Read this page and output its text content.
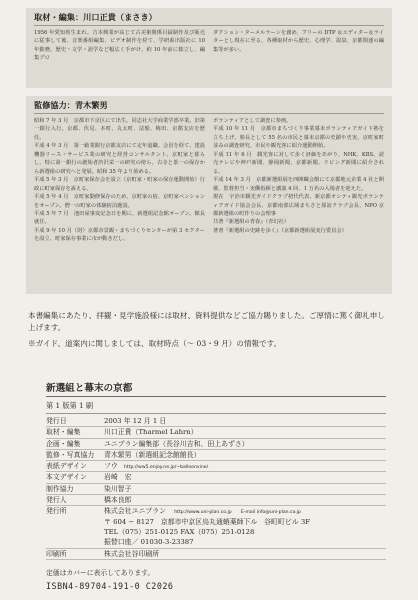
取材・編集：川口正貴（まさき）

1956 年愛知県生まれ。吉本興業が高じて古美術関係目録制作及び販売に従事して後、音楽番組編集、ビデオ制作を経て、学研系出版社に 10 年勤務。歴史・文学・語学など幅広く手がけ、約 10 年前に独立し、編集プロ

ダクション・ターメルラーンを創め、フリーの DTP ＆エディター＆ライターとし現在に至る。各種取材から歴史、心理学、温泉、京都関連の編集等が多い。

監修協力：青木繁男

昭和 7 年 3 月　京都市下京区にて出生。同志社大学商業学部卒業。旧第一銀行入行。京都、伏見、本町、丸太町、法船、梅田、京都支店を歴任。

平成 4 年 3 月　第一勧業銀行京都支店にて定年退職。会員を経て、建設機器リース・サービス業の研究と経営コンサルタント。京町家と暮らし、特に第一銀行の創始者渋沢栄一の研究の傍ら、古寺と茶一の保存から新選組の研究へと発展。昭和 35 年より始める。

平成 5 年 3 月　京町家保存会を設立（京町家・町家の保存運動開始）行政に町家保存を訴える。

平成 5 年 4 月　京町家勤修保存のため、京町家の宿、京町家ペンションをオープン。僧一の町家の体験宿泊施設。

平成 5 年 7 月　池田屋事変記念日を期に、新選組記念館オープン。館長就任。

平成 9 年 10 月（財）京都市景観・まちづくりセンターが第 3 セクターを設立、町家保存事業に市が動きだし、

ボランティアとして調査に参画。

平成 10 年 11 月　京都市まちづくり事業幕末ボランティアガイド塾を立ち上げ、塾長として 55 名の市民と幕末京都の史蹟や史実、京町家町並みの調査研究、市民や観光客に紹介運動開始。

平成 11 年 6 月　観光客に対して歩く評価をあがり、NHK、KBS、読売テレビや神戸新聞、静岡新聞、京都新聞、リビング新聞に紹介される。

平成 14 年 3 月　京都新選組展を西陣織会館にて京都地元企業 4 社と開催、監督担当・実働指揮と講演 4 回、1 万名の入場者を迎えた。

現在　宇治市観光ガイドクラブ初代代表、新京都オシティ観光ボランティアガイド協会会長、京都南部広域まちさと探訪クラブ会長、NPO 京都新選組の町作りの会理事

共著『新選組の青春』（青幻社）

著書『新選組の史跡を歩く』（京都新選組展実行委員会）

本書編集にあたり、拝観・見学施設様には取材、資料提供などご協力賜りました。ご厚情に篤く御礼申し上げます。

※ガイド、道案内に関しましては、取材時点（〜 03・9 月）の情報です。

新選組と幕末の京都
第 1 版第 1 刷
発行日	2003 年 12 月 1 日
取材・編集	川口正貴（Tharmel Lahrn）
企画・編集	ユニプラン編集部（長谷川吉和、田上あずさ）
監修・写真協力	青木繁男（新選組記念館館長）
表紙デザイン	フウ http://ww5.enjoy.ne.jp/~balloonvine/
本文デザイン	岩崎　宏
制作協力	染川智子
発行人	橋本良郎
発行所	株式会社ユニプラン http://www.uni-plan.co.jp　　E-mail info@uni-plan.co.jp
〒 604 − 8127　京都市中京区烏丸通蛸薬師下ル　谷町町ビル 3F
TEL（075）251-0125 FAX（075）251-0128
振替口座／ 01030-3-23387
印刷所	株式会社谷印刷所
定価はカバーに表示してあります。
ISBN4-89704-191-0 C2026
